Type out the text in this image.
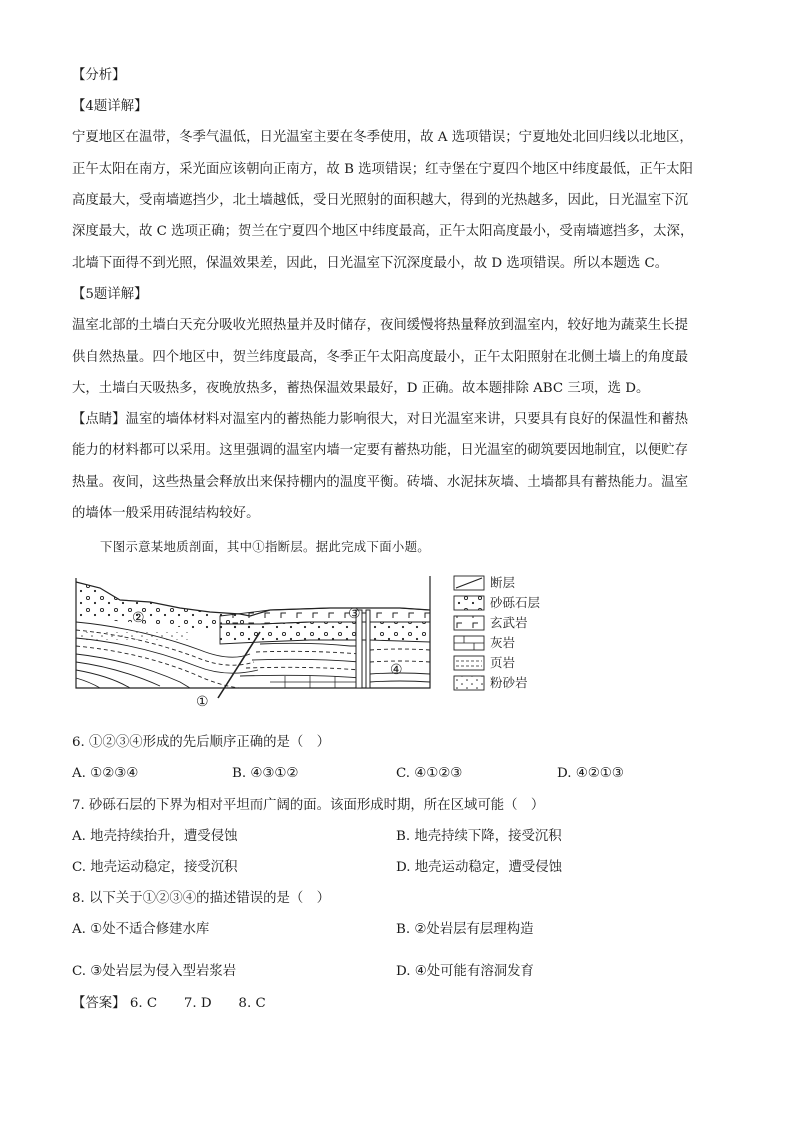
【分析】
【4题详解】
宁夏地区在温带，冬季气温低，日光温室主要在冬季使用，故 A 选项错误；宁夏地处北回归线以北地区，
正午太阳在南方，采光面应该朝向正南方，故 B 选项错误；红寺堡在宁夏四个地区中纬度最低，正午太阳
高度最大，受南墙遮挡少，北土墙越低，受日光照射的面积越大，得到的光热越多，因此，日光温室下沉
深度最大，故 C 选项正确；贺兰在宁夏四个地区中纬度最高，正午太阳高度最小，受南墙遮挡多，太深，
北墙下面得不到光照，保温效果差，因此，日光温室下沉深度最小，故 D 选项错误。所以本题选 C。
【5题详解】
温室北部的土墙白天充分吸收光照热量并及时储存，夜间缓慢将热量释放到温室内，较好地为蔬菜生长提
供自然热量。四个地区中，贺兰纬度最高，冬季正午太阳高度最小，正午太阳照射在北侧土墙上的角度最
大，土墙白天吸热多，夜晚放热多，蓄热保温效果最好，D 正确。故本题排除 ABC 三项，选 D。
【点睛】温室的墙体材料对温室内的蓄热能力影响很大，对日光温室来讲，只要具有良好的保温性和蓄热
能力的材料都可以采用。这里强调的温室内墙一定要有蓄热功能，日光温室的砌筑要因地制宜，以便贮存
热量。夜间，这些热量会释放出来保持棚内的温度平衡。砖墙、水泥抹灰墙、土墙都具有蓄热能力。温室
的墙体一般采用砖混结构较好。
下图示意某地质剖面，其中①指断层。据此完成下面小题。
②	③
④
①
断层
砂砾石层
玄武岩
灰岩
页岩
粉砂岩
6. ①②③④形成的先后顺序正确的是（　）
A. ①②③④	B. ④③①②	C. ④①②③	D. ④②①③
7. 砂砾石层的下界为相对平坦而广阔的面。该面形成时期，所在区域可能（　）
A. 地壳持续抬升，遭受侵蚀	B. 地壳持续下降，接受沉积
C. 地壳运动稳定，接受沉积	D. 地壳运动稳定，遭受侵蚀
8. 以下关于①②③④的描述错误的是（　）
A. ①处不适合修建水库	B. ②处岩层有层理构造
C. ③处岩层为侵入型岩浆岩	D. ④处可能有溶洞发育
【答案】 6. C　　7. D　　8. C
